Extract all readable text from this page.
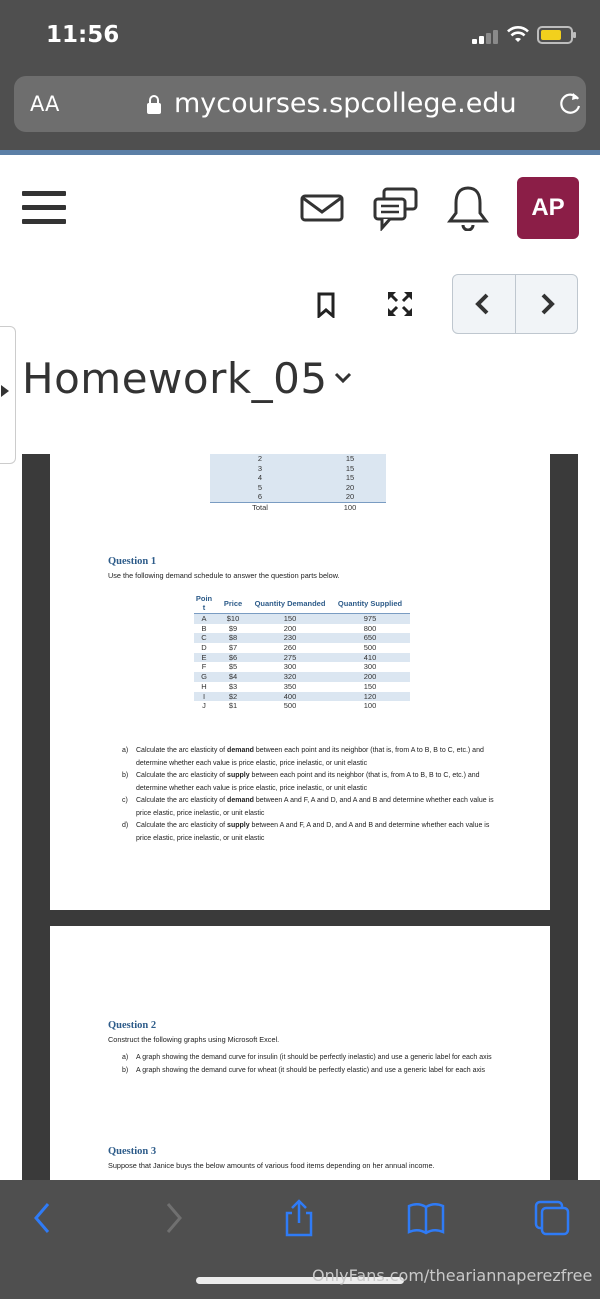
11:56
AA	mycourses.spcollege.edu
AP
Homework_05
2	15
3	15
4	15
5	20
6	20
Total	100
Question 1
Use the following demand schedule to answer the question parts below.
Poin t	Price	Quantity Demanded	Quantity Supplied
A	$10	150	975
B	$9	200	800
C	$8	230	650
D	$7	260	500
E	$6	275	410
F	$5	300	300
G	$4	320	200
H	$3	350	150
I	$2	400	120
J	$1	500	100
a) Calculate the arc elasticity of demand between each point and its neighbor (that is, from A to B, B to C, etc.) and determine whether each value is price elastic, price inelastic, or unit elastic
b) Calculate the arc elasticity of supply between each point and its neighbor (that is, from A to B, B to C, etc.) and determine whether each value is price elastic, price inelastic, or unit elastic
c) Calculate the arc elasticity of demand between A and F, A and D, and A and B and determine whether each value is price elastic, price inelastic, or unit elastic
d) Calculate the arc elasticity of supply between A and F, A and D, and A and B and determine whether each value is price elastic, price inelastic, or unit elastic
Question 2
Construct the following graphs using Microsoft Excel.
a) A graph showing the demand curve for insulin (it should be perfectly inelastic) and use a generic label for each axis
b) A graph showing the demand curve for wheat (it should be perfectly elastic) and use a generic label for each axis
Question 3
Suppose that Janice buys the below amounts of various food items depending on her annual income.
OnlyFans.com/theariannaperezfree
